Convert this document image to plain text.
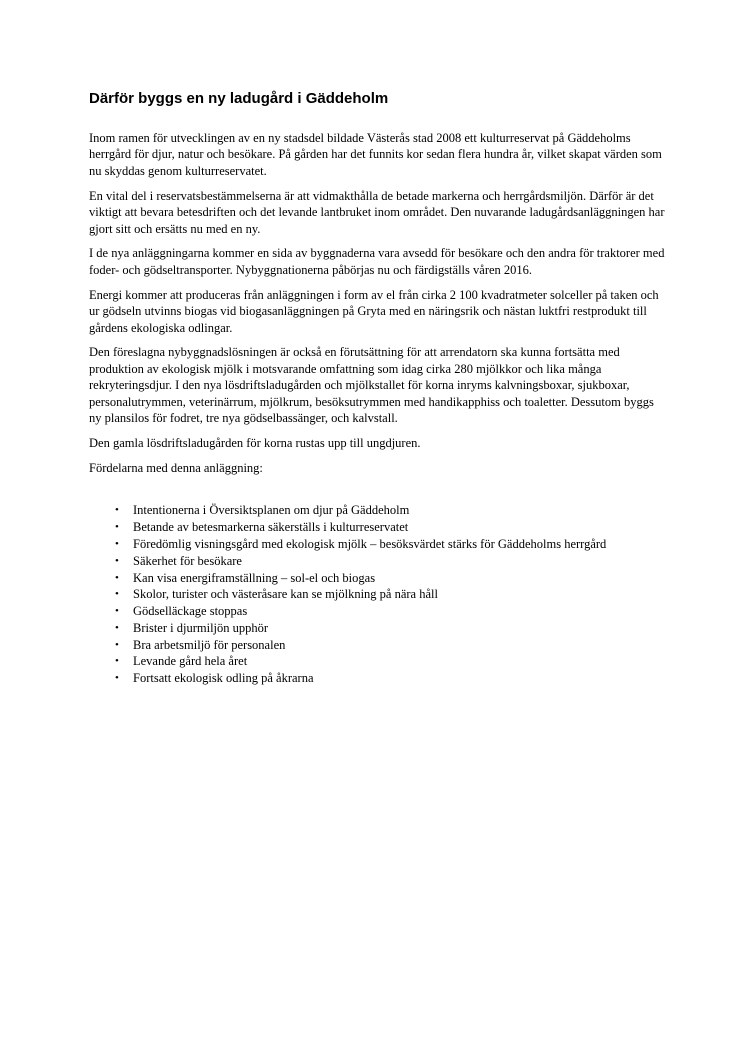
Därför byggs en ny ladugård i Gäddeholm

Inom ramen för utvecklingen av en ny stadsdel bildade Västerås stad 2008 ett kulturreservat på Gäddeholms herrgård för djur, natur och besökare. På gården har det funnits kor sedan flera hundra år, vilket skapat värden som nu skyddas genom kulturreservatet.

En vital del i reservatsbestämmelserna är att vidmakthålla de betade markerna och herrgårdsmiljön. Därför är det viktigt att bevara betesdriften och det levande lantbruket inom området. Den nuvarande ladugårdsanläggningen har gjort sitt och ersätts nu med en ny.

I de nya anläggningarna kommer en sida av byggnaderna vara avsedd för besökare och den andra för traktorer med foder- och gödseltransporter. Nybyggnationerna påbörjas nu och färdigställs våren 2016.

Energi kommer att produceras från anläggningen i form av el från cirka 2 100 kvadratmeter solceller på taken och ur gödseln utvinns biogas vid biogasanläggningen på Gryta med en näringsrik och nästan luktfri restprodukt till gårdens ekologiska odlingar.

Den föreslagna nybyggnadslösningen är också en förutsättning för att arrendatorn ska kunna fortsätta med produktion av ekologisk mjölk i motsvarande omfattning som idag cirka 280 mjölkkor och lika många rekryteringsdjur. I den nya lösdriftsladugården och mjölkstallet för korna inryms kalvningsboxar, sjukboxar, personalutrymmen, veterinärrum, mjölkrum, besöksutrymmen med handikapphiss och toaletter. Dessutom byggs ny plansilos för fodret, tre nya gödselbassänger, och kalvstall.

Den gamla lösdriftsladugården för korna rustas upp till ungdjuren.

Fördelarna med denna anläggning:

•	Intentionerna i Översiktsplanen om djur på Gäddeholm
•	Betande av betesmarkerna säkerställs i kulturreservatet
•	Föredömlig visningsgård med ekologisk mjölk – besöksvärdet stärks för Gäddeholms herrgård
•	Säkerhet för besökare
•	Kan visa energiframställning – sol-el och biogas
•	Skolor, turister och västeråsare kan se mjölkning på nära håll
•	Gödselläckage stoppas
•	Brister i djurmiljön upphör
•	Bra arbetsmiljö för personalen
•	Levande gård hela året
•	Fortsatt ekologisk odling på åkrarna
